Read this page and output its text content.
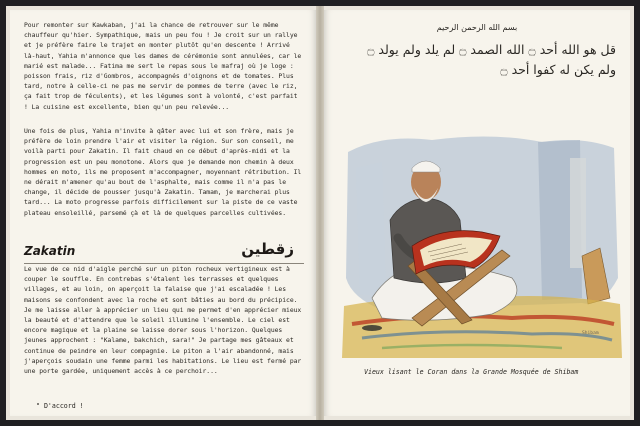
Pour remonter sur Kawkaban, j'ai la chance de retrouver sur le même chauffeur qu'hier. Sympathique, mais un peu fou ! Je croit sur un rallye et je préfère faire le trajet en monter plutôt qu'en descente ! Arrivé là-haut, Yahia m'annonce que les dames de cérémonie sont annulées, car le marié est malade... Fatima me sert le repas sous le mafraj où je loge : poisson frais, riz d'Gombros, accompagnés d'oignons et de tomates. Plus tard, notre à celle-ci ne pas me servir de pommes de terre (avec le riz, ça fait trop de féculents), et les légumes sont à volonté, c'est parfait ! La cuisine est excellente, bien qu'un peu relevée...

Une fois de plus, Yahia m'invite à qâter avec lui et son frère, mais je préfère de loin prendre l'air et visiter la région. Sur son conseil, me voilà parti pour Zakatin. Il fait chaud en ce début d'après-midi et la progression est un peu monotone. Alors que je demande mon chemin à deux hommes en moto, ils me proposent m'accompagner, moyennant rétribution. Il ne dérait m'amener qu'au bout de l'asphalte, mais comme il n'a pas le change, il décide de pousser jusqu'à Zakatin. Tamam, je marcherai plus tard... La moto progresse parfois difficilement sur la piste de ce vaste plateau ensoleillé, parsemé çà et là de quelques parcelles cultivées.

Zakatin	زقطين

Le vue de ce nid d'aigle perché sur un piton rocheux vertigineux est à couper le souffle. En contrebas s'étalent les terrasses et quelques villages, et au loin, on aperçoit la falaise que j'ai escaladée ! Les maisons se confondent avec la roche et sont bâties au bord du précipice. Je me laisse aller à apprécier un lieu qui me permet d'en apprécier mieux la beauté et d'attendre que le soleil illumine l'ensemble. Le ciel est encore magique et la plaine se laisse dorer sous l'horizon. Quelques jeunes approchent : "Kalame, bakchich, sara!" Je partage mes gâteaux et continue de peindre en leur compagnie. Le piton a l'air abandonné, mais j'aperçois soudain une femme parmi les habitations. Le lieu est fermé par une porte gardée, uniquement accès à ce perchoir...

" D'accord !

بسم الله الرحمن الرحيم

قل هو الله أحد ۝ الله الصمد ۝ لم يلد ولم يولد ۝

ولم يكن له كفوا أحد ۝

Shibam
Vieux lisant le Coran dans la Grande Mosquée de Shibam
